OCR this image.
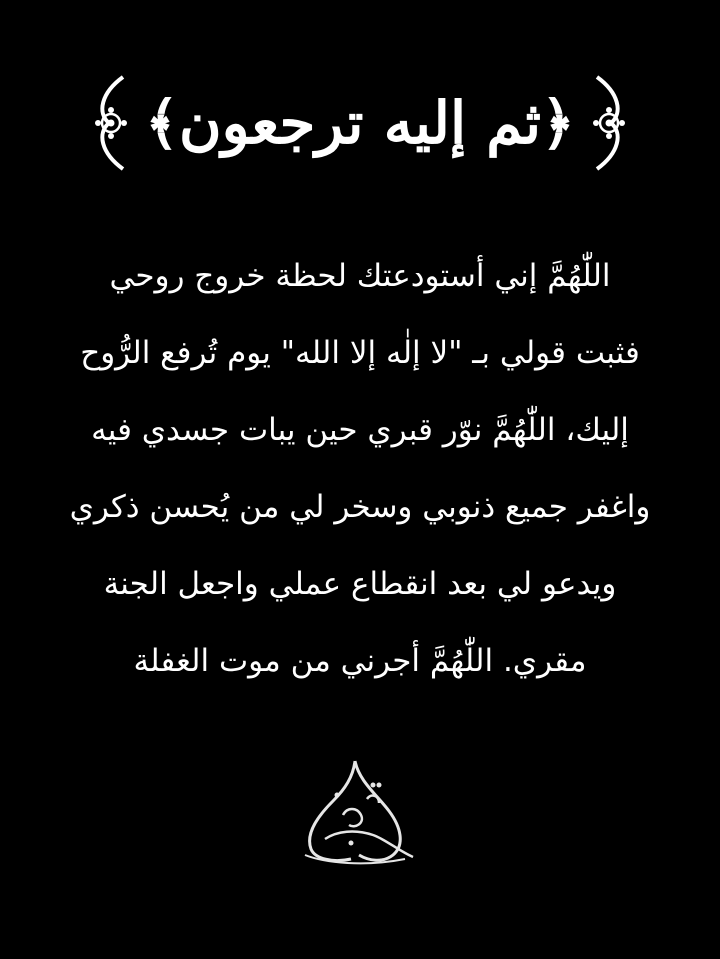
﴿ثم إليه ترجعون﴾
اللّٰهُمَّ إني أستودعتك لحظة خروج روحي
فثبت قولي بـ "لا إلٰه إلا الله" يوم تُرفع الرُّوح
إليك، اللّٰهُمَّ نوّر قبري حين يبات جسدي فيه
واغفر جميع ذنوبي وسخر لي من يُحسن ذكري
ويدعو لي بعد انقطاع عملي واجعل الجنة
مقري. اللّٰهُمَّ أجرني من موت الغفلة
